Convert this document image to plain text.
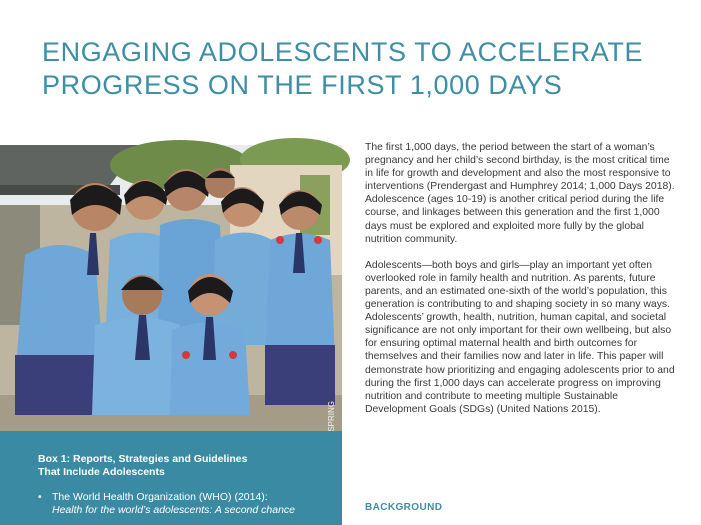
ENGAGING ADOLESCENTS TO ACCELERATE
PROGRESS ON THE FIRST 1,000 DAYS
Box 1: Reports, Strategies and Guidelines
That Include Adolescents
• The World Health Organization (WHO) (2014):
Health for the world’s adolescents: A second chance

The first 1,000 days, the period between the start of a woman’s pregnancy and her child’s second birthday, is the most critical time in life for growth and development and also the most responsive to interventions (Prendergast and Humphrey 2014; 1,000 Days 2018). Adolescence (ages 10-19) is another critical period during the life course, and linkages between this generation and the first 1,000 days must be explored and exploited more fully by the global nutrition community.

Adolescents—both boys and girls—play an important yet often overlooked role in family health and nutrition. As parents, future parents, and an estimated one-sixth of the world’s population, this generation is contributing to and shaping society in so many ways. Adolescents’ growth, health, nutrition, human capital, and societal significance are not only important for their own wellbeing, but also for ensuring optimal maternal health and birth outcomes for themselves and their families now and later in life. This paper will demonstrate how prioritizing and engaging adolescents prior to and during the first 1,000 days can accelerate progress on improving nutrition and contribute to meeting multiple Sustainable Development Goals (SDGs) (United Nations 2015).

BACKGROUND
